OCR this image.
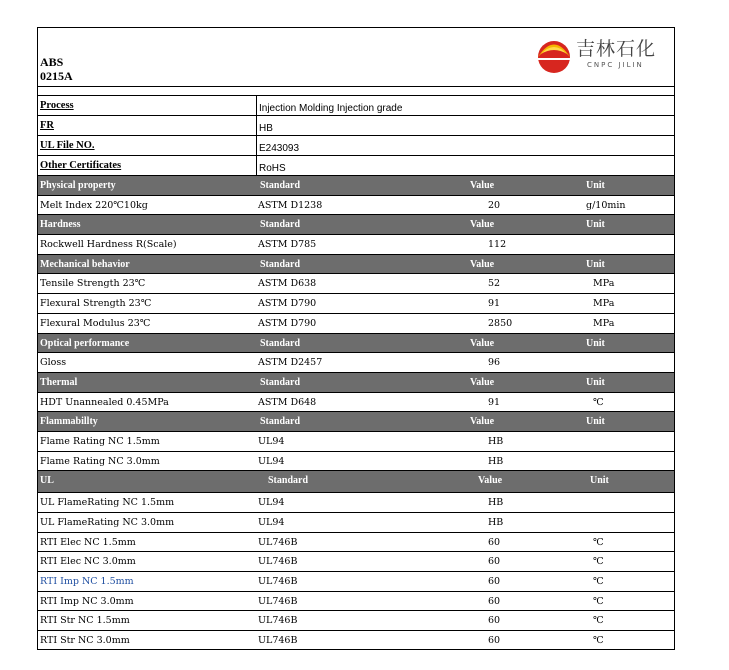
ABS
0215A
吉林石化
CNPC JILIN
Process	Injection Molding Injection grade
FR	HB
UL File NO.	E243093
Other Certificates	RoHS
Physical property	Standard	Value	Unit
Melt Index 220℃10kg	ASTM D1238	20	g/10min
Hardness	Standard	Value	Unit
Rockwell Hardness R(Scale)	ASTM D785	112
Mechanical behavior	Standard	Value	Unit
Tensile Strength 23℃	ASTM D638	52	MPa
Flexural Strength 23℃	ASTM D790	91	MPa
Flexural Modulus 23℃	ASTM D790	2850	MPa
Optical performance	Standard	Value	Unit
Gloss	ASTM D2457	96
Thermal	Standard	Value	Unit
HDT Unannealed 0.45MPa	ASTM D648	91	℃
Flammabillty	Standard	Value	Unit
Flame Rating NC 1.5mm	UL94	HB
Flame Rating NC 3.0mm	UL94	HB
UL	Standard	Value	Unit
UL FlameRating NC 1.5mm	UL94	HB
UL FlameRating NC 3.0mm	UL94	HB
RTI Elec NC 1.5mm	UL746B	60	℃
RTI Elec NC 3.0mm	UL746B	60	℃
RTI Imp NC 1.5mm	UL746B	60	℃
RTI Imp NC 3.0mm	UL746B	60	℃
RTI Str NC 1.5mm	UL746B	60	℃
RTI Str NC 3.0mm	UL746B	60	℃
